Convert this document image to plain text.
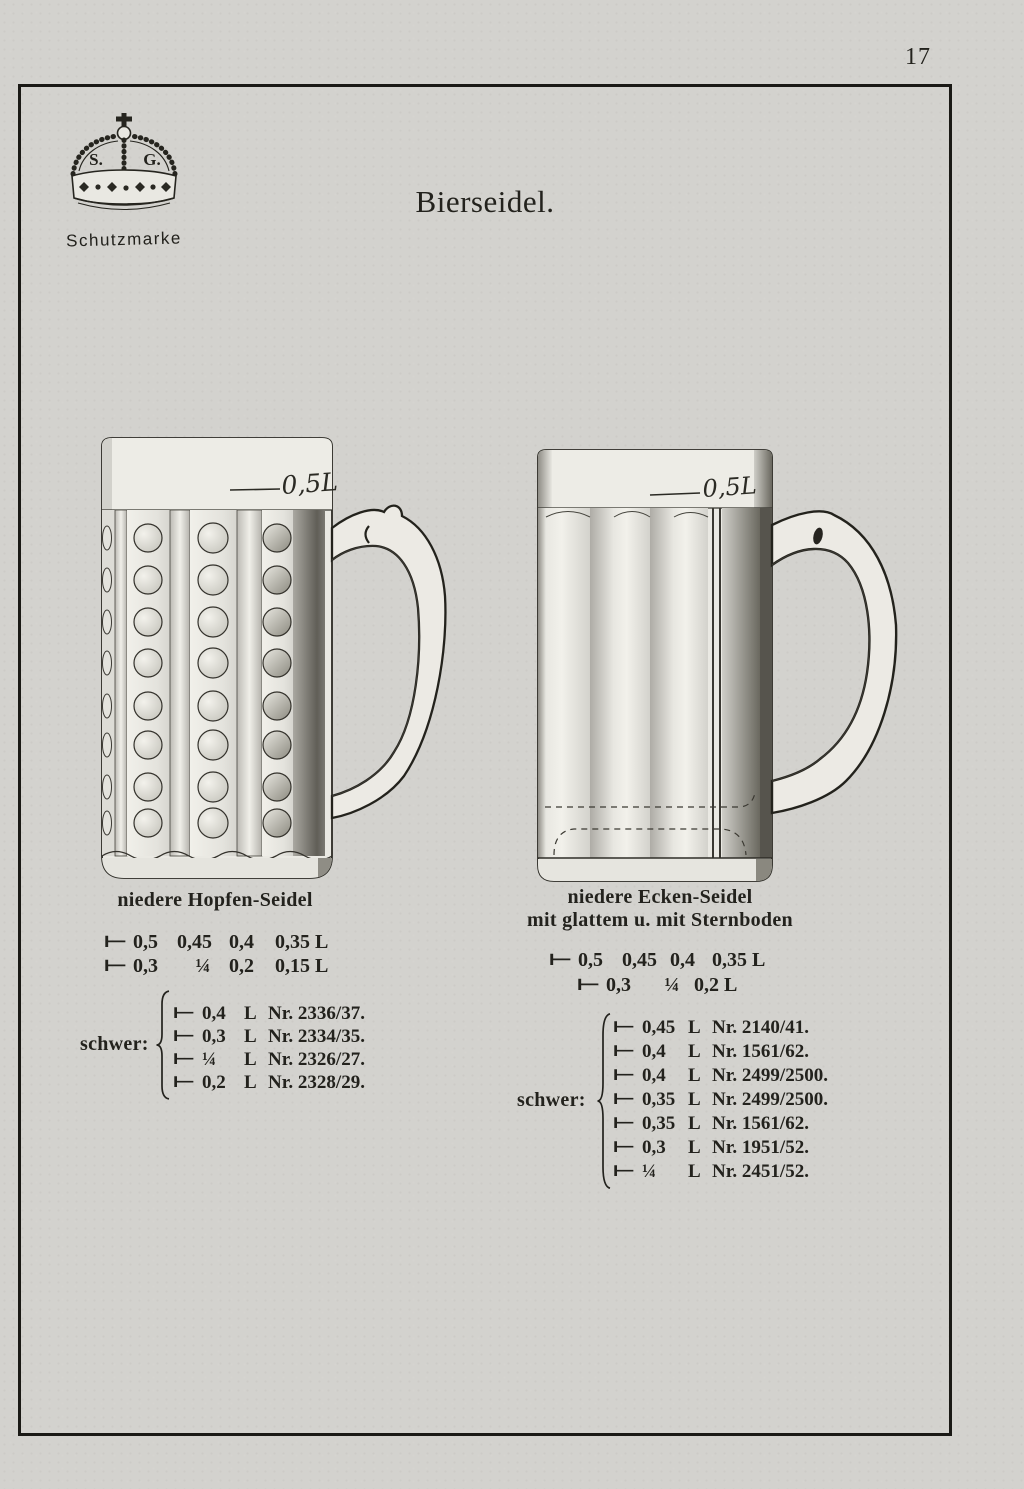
17
S. G.
Schutzmarke
Bierseidel.
0,5L	0,5L
niedere Hopfen-Seidel
⊢ 0,5 0,45 0,4	0,35 L
⊢ 0,3	¼ 0,2	0,15 L
schwer:
⊢ 0,4 L Nr. 2336/37.
⊢ 0,3 L Nr. 2334/35.
⊢ ¼	L Nr. 2326/27.
⊢ 0,2 L Nr. 2328/29.
niedere Ecken-Seidel
mit glattem u. mit Sternboden
⊢ 0,5 0,45 0,4 0,35 L
⊢ 0,3	¼ 0,2 L
schwer:
⊢ 0,45 L Nr. 2140/41.
⊢ 0,4	L Nr. 1561/62.
⊢ 0,4	L Nr. 2499/2500.
⊢ 0,35 L Nr. 2499/2500.
⊢ 0,35 L Nr. 1561/62.
⊢ 0,3	L Nr. 1951/52.
⊢ ¼	L Nr. 2451/52.
